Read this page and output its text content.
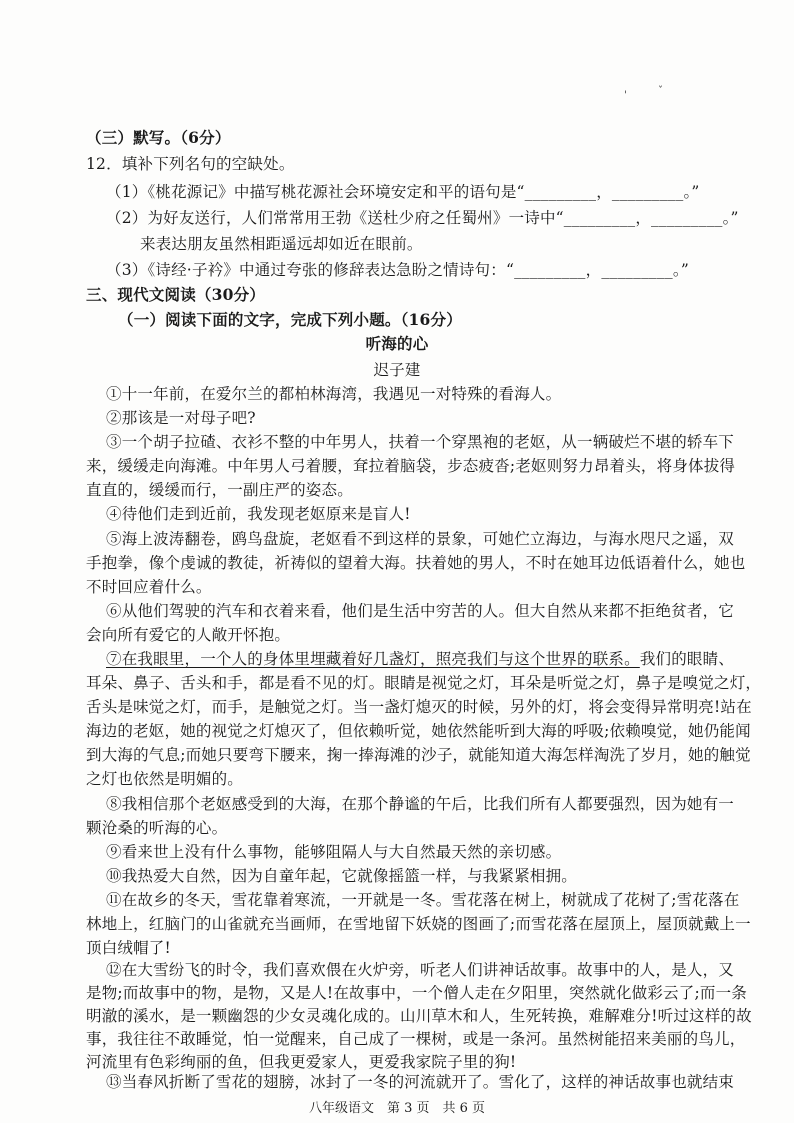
'	ˇ
（三）默写。（6分）
12．填补下列名句的空缺处。
（1）《桃花源记》中描写桃花源社会环境安定和平的语句是“_________，_________。”
（2）为好友送行，人们常常用王勃《送杜少府之任蜀州》一诗中“_________，_________。”
来表达朋友虽然相距遥远却如近在眼前。
（3）《诗经·子衿》中通过夸张的修辞表达急盼之情诗句：“_________，_________。”
三、现代文阅读（30分）
（一）阅读下面的文字，完成下列小题。（16分）
听海的心
迟子建
①十一年前，在爱尔兰的都柏林海湾，我遇见一对特殊的看海人。
②那该是一对母子吧?
③一个胡子拉碴、衣衫不整的中年男人，扶着一个穿黑袍的老妪，从一辆破烂不堪的轿车下
来，缓缓走向海滩。中年男人弓着腰，耷拉着脑袋，步态疲沓;老妪则努力昂着头，将身体拔得
直直的，缓缓而行，一副庄严的姿态。
④待他们走到近前，我发现老妪原来是盲人!
⑤海上波涛翻卷，鸥鸟盘旋，老妪看不到这样的景象，可她伫立海边，与海水咫尺之遥，双
手抱拳，像个虔诚的教徒，祈祷似的望着大海。扶着她的男人，不时在她耳边低语着什么，她也
不时回应着什么。
⑥从他们驾驶的汽车和衣着来看，他们是生活中穷苦的人。但大自然从来都不拒绝贫者，它
会向所有爱它的人敞开怀抱。
⑦在我眼里，一个人的身体里埋藏着好几盏灯，照亮我们与这个世界的联系。我们的眼睛、
耳朵、鼻子、舌头和手，都是看不见的灯。眼睛是视觉之灯，耳朵是听觉之灯，鼻子是嗅觉之灯，
舌头是味觉之灯，而手，是触觉之灯。当一盏灯熄灭的时候，另外的灯，将会变得异常明亮!站在
海边的老妪，她的视觉之灯熄灭了，但依赖听觉，她依然能听到大海的呼吸;依赖嗅觉，她仍能闻
到大海的气息;而她只要弯下腰来，掬一捧海滩的沙子，就能知道大海怎样淘洗了岁月，她的触觉
之灯也依然是明媚的。
⑧我相信那个老妪感受到的大海，在那个静谧的午后，比我们所有人都要强烈，因为她有一
颗沧桑的听海的心。
⑨看来世上没有什么事物，能够阻隔人与大自然最天然的亲切感。
⑩我热爱大自然，因为自童年起，它就像摇篮一样，与我紧紧相拥。
⑪在故乡的冬天，雪花靠着寒流，一开就是一冬。雪花落在树上，树就成了花树了;雪花落在
林地上，红脑门的山雀就充当画师，在雪地留下妖娆的图画了;而雪花落在屋顶上，屋顶就戴上一
顶白绒帽了!
⑫在大雪纷飞的时令，我们喜欢偎在火炉旁，听老人们讲神话故事。故事中的人，是人，又
是物;而故事中的物，是物，又是人!在故事中，一个僧人走在夕阳里，突然就化做彩云了;而一条
明澈的溪水，是一颗幽怨的少女灵魂化成的。山川草木和人，生死转换，难解难分!听过这样的故
事，我往往不敢睡觉，怕一觉醒来，自己成了一棵树，或是一条河。虽然树能招来美丽的鸟儿，
河流里有色彩绚丽的鱼，但我更爱家人，更爱我家院子里的狗!
⑬当春风折断了雪花的翅膀，冰封了一冬的河流就开了。雪化了，这样的神话故事也就结束
八年级语文　第 3 页　共 6 页
